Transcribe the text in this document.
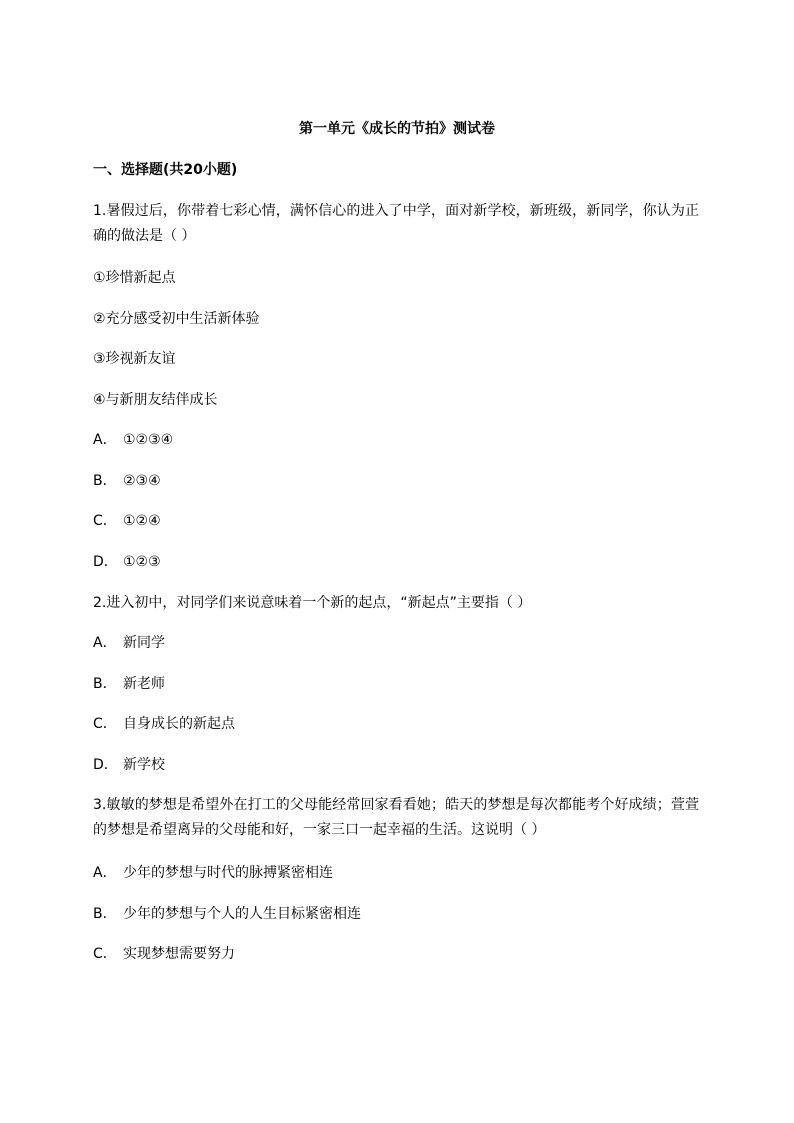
第一单元《成长的节拍》测试卷
一、选择题(共20小题)
1.暑假过后，你带着七彩心情，满怀信心的进入了中学，面对新学校，新班级，新同学，你认为正确的做法是（ ）
①珍惜新起点
②充分感受初中生活新体验
③珍视新友谊
④与新朋友结伴成长
A． ①②③④
B． ②③④
C． ①②④
D． ①②③
2.进入初中，对同学们来说意味着一个新的起点，“新起点”主要指（ ）
A． 新同学
B． 新老师
C． 自身成长的新起点
D． 新学校
3.敏敏的梦想是希望外在打工的父母能经常回家看看她；皓天的梦想是每次都能考个好成绩；萱萱的梦想是希望离异的父母能和好，一家三口一起幸福的生活。这说明（ ）
A． 少年的梦想与时代的脉搏紧密相连
B． 少年的梦想与个人的人生目标紧密相连
C． 实现梦想需要努力
